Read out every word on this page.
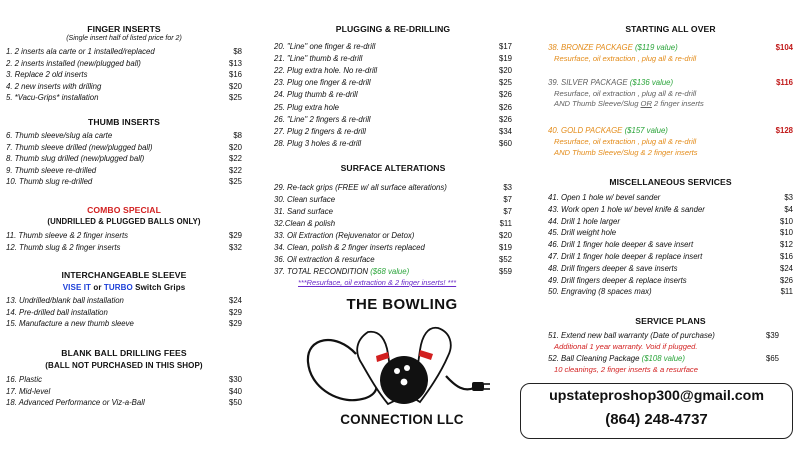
FINGER INSERTS
(Single insert half of listed price for 2)
1. 2 inserts ala carte or 1 installed/replaced	$8
2. 2 inserts installed (new/plugged ball)	$13
3. Replace 2 old inserts	$16
4. 2 new inserts with drilling	$20
5. *Vacu-Grips* installation	$25
THUMB INSERTS
6. Thumb sleeve/slug ala carte	$8
7. Thumb sleeve drilled (new/plugged ball)	$20
8. Thumb slug drilled (new/plugged ball)	$22
9. Thumb sleeve re-drilled	$22
10. Thumb slug re-drilled	$25
COMBO SPECIAL
(UNDRILLED & PLUGGED BALLS ONLY)
11. Thumb sleeve & 2 finger inserts	$29
12. Thumb slug & 2 finger inserts	$32
INTERCHANGEABLE SLEEVE
VISE IT or TURBO Switch Grips
13. Undrilled/blank ball installation	$24
14. Pre-drilled ball installation	$29
15. Manufacture a new thumb sleeve	$29
BLANK BALL DRILLING FEES
(BALL NOT PURCHASED IN THIS SHOP)
16. Plastic	$30
17. Mid-level	$40
18. Advanced Performance or Viz-a-Ball	$50
PLUGGING & RE-DRILLING
20. "Line" one finger & re-drill	$17
21. "Line" thumb & re-drill	$19
22. Plug extra hole. No re-drill	$20
23. Plug one finger & re-drill	$25
24. Plug thumb & re-drill	$26
25. Plug extra hole	$26
26. "Line" 2 fingers & re-drill	$26
27. Plug 2 fingers & re-drill	$34
28. Plug 3 holes & re-drill	$60
SURFACE ALTERATIONS
29. Re-tack grips (FREE w/ all surface alterations)	$3
30. Clean surface	$7
31. Sand surface	$7
32.Clean & polish	$11
33. Oil Extraction (Rejuvenator or Detox)	$20
34. Clean, polish & 2 finger inserts replaced	$19
36. Oil extraction & resurface	$52
37. TOTAL RECONDITION ($68 value)	$59
***Resurface, oil extraction & 2 finger inserts! ***
THE BOWLING
CONNECTION LLC
STARTING ALL OVER
38. BRONZE PACKAGE ($119 value)	$104
Resurface, oil extraction , plug all & re-drill
39. SILVER PACKAGE ($136 value)	$116
Resurface, oil extraction , plug all & re-drill
AND Thumb Sleeve/Slug OR 2 finger inserts
40. GOLD PACKAGE ($157 value)	$128
Resurface, oil extraction , plug all & re-drill
AND Thumb Sleeve/Slug & 2 finger inserts
MISCELLANEOUS SERVICES
41. Open 1 hole w/ bevel sander	$3
43. Work open 1 hole w/ bevel knife & sander	$4
44. Drill 1 hole larger	$10
45. Drill weight hole	$10
46. Drill 1 finger hole deeper & save insert	$12
47. Drill 1 finger hole deeper & replace insert	$16
48. Drill fingers deeper & save inserts	$24
49. Drill fingers deeper & replace inserts	$26
50. Engraving (8 spaces max)	$11
SERVICE PLANS
51. Extend new ball warranty (Date of purchase)	$39
Additional 1 year warranty. Void if plugged.
52. Ball Cleaning Package ($108 value)	$65
10 cleanings, 2 finger inserts & a resurface
upstateproshop300@gmail.com
(864) 248-4737
